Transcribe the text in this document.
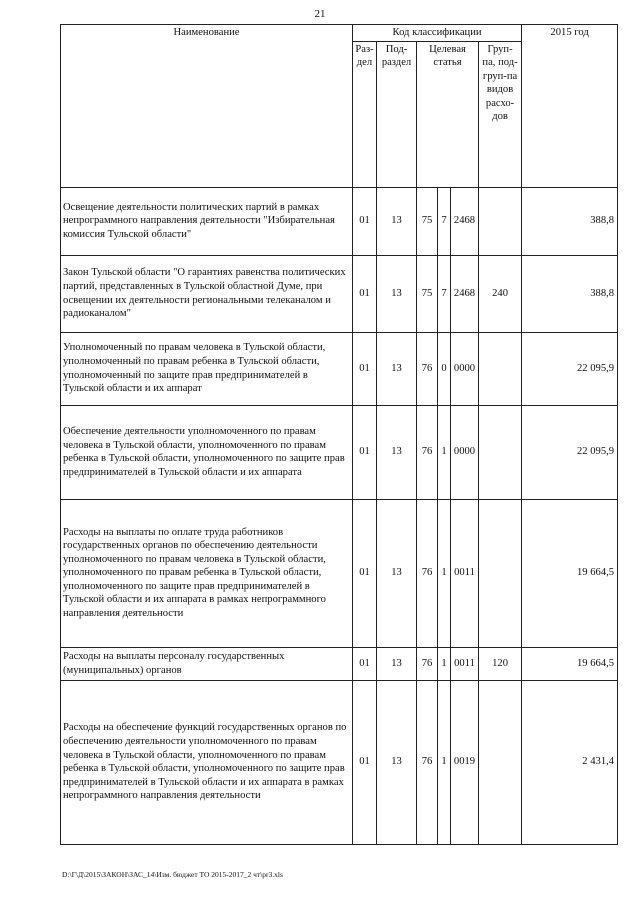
21
Наименование	Код классификации						2015 год
	Раз-дел	Под-раздел	Целевая статья			Груп-па, под-груп-па видов расхо-дов	
Освещение деятельности политических партий в рамках непрограммного направления деятельности "Избирательная комиссия Тульской области"	01	13	75	7	2468		388,8
Закон Тульской области "О гарантиях равенства политических партий, представленных в Тульской областной Думе, при освещении их деятельности региональными телеканалом и радиоканалом"	01	13	75	7	2468	240	388,8
Уполномоченный по правам человека в Тульской области, уполномоченный по правам ребенка в Тульской области, уполномоченный по защите прав предпринимателей в Тульской области и их аппарат	01	13	76	0	0000		22 095,9
Обеспечение деятельности уполномоченного по правам человека в Тульской области, уполномоченного по правам ребенка в Тульской области, уполномоченного по защите прав предпринимателей в Тульской области и их аппарата	01	13	76	1	0000		22 095,9
Расходы на выплаты по оплате труда работников государственных органов по обеспечению деятельности уполномоченного по правам человека в Тульской области, уполномоченного по правам ребенка в Тульской области, уполномоченного по защите прав предпринимателей в Тульской области и их аппарата в рамках непрограммного направления деятельности	01	13	76	1	0011		19 664,5
Расходы на выплаты персоналу государственных (муниципальных) органов	01	13	76	1	0011	120	19 664,5
Расходы на обеспечение функций государственных органов по обеспечению деятельности уполномоченного по правам человека в Тульской области, уполномоченного по правам ребенка в Тульской области, уполномоченного по защите прав предпринимателей в Тульской области и их аппарата в рамках непрограммного направления деятельности	01	13	76	1	0019		2 431,4
D:\Г\Д\2015\ЗАКОН\ЗАС_14\Изм. бюджет ТО 2015-2017_2 чт\pr3.xls
